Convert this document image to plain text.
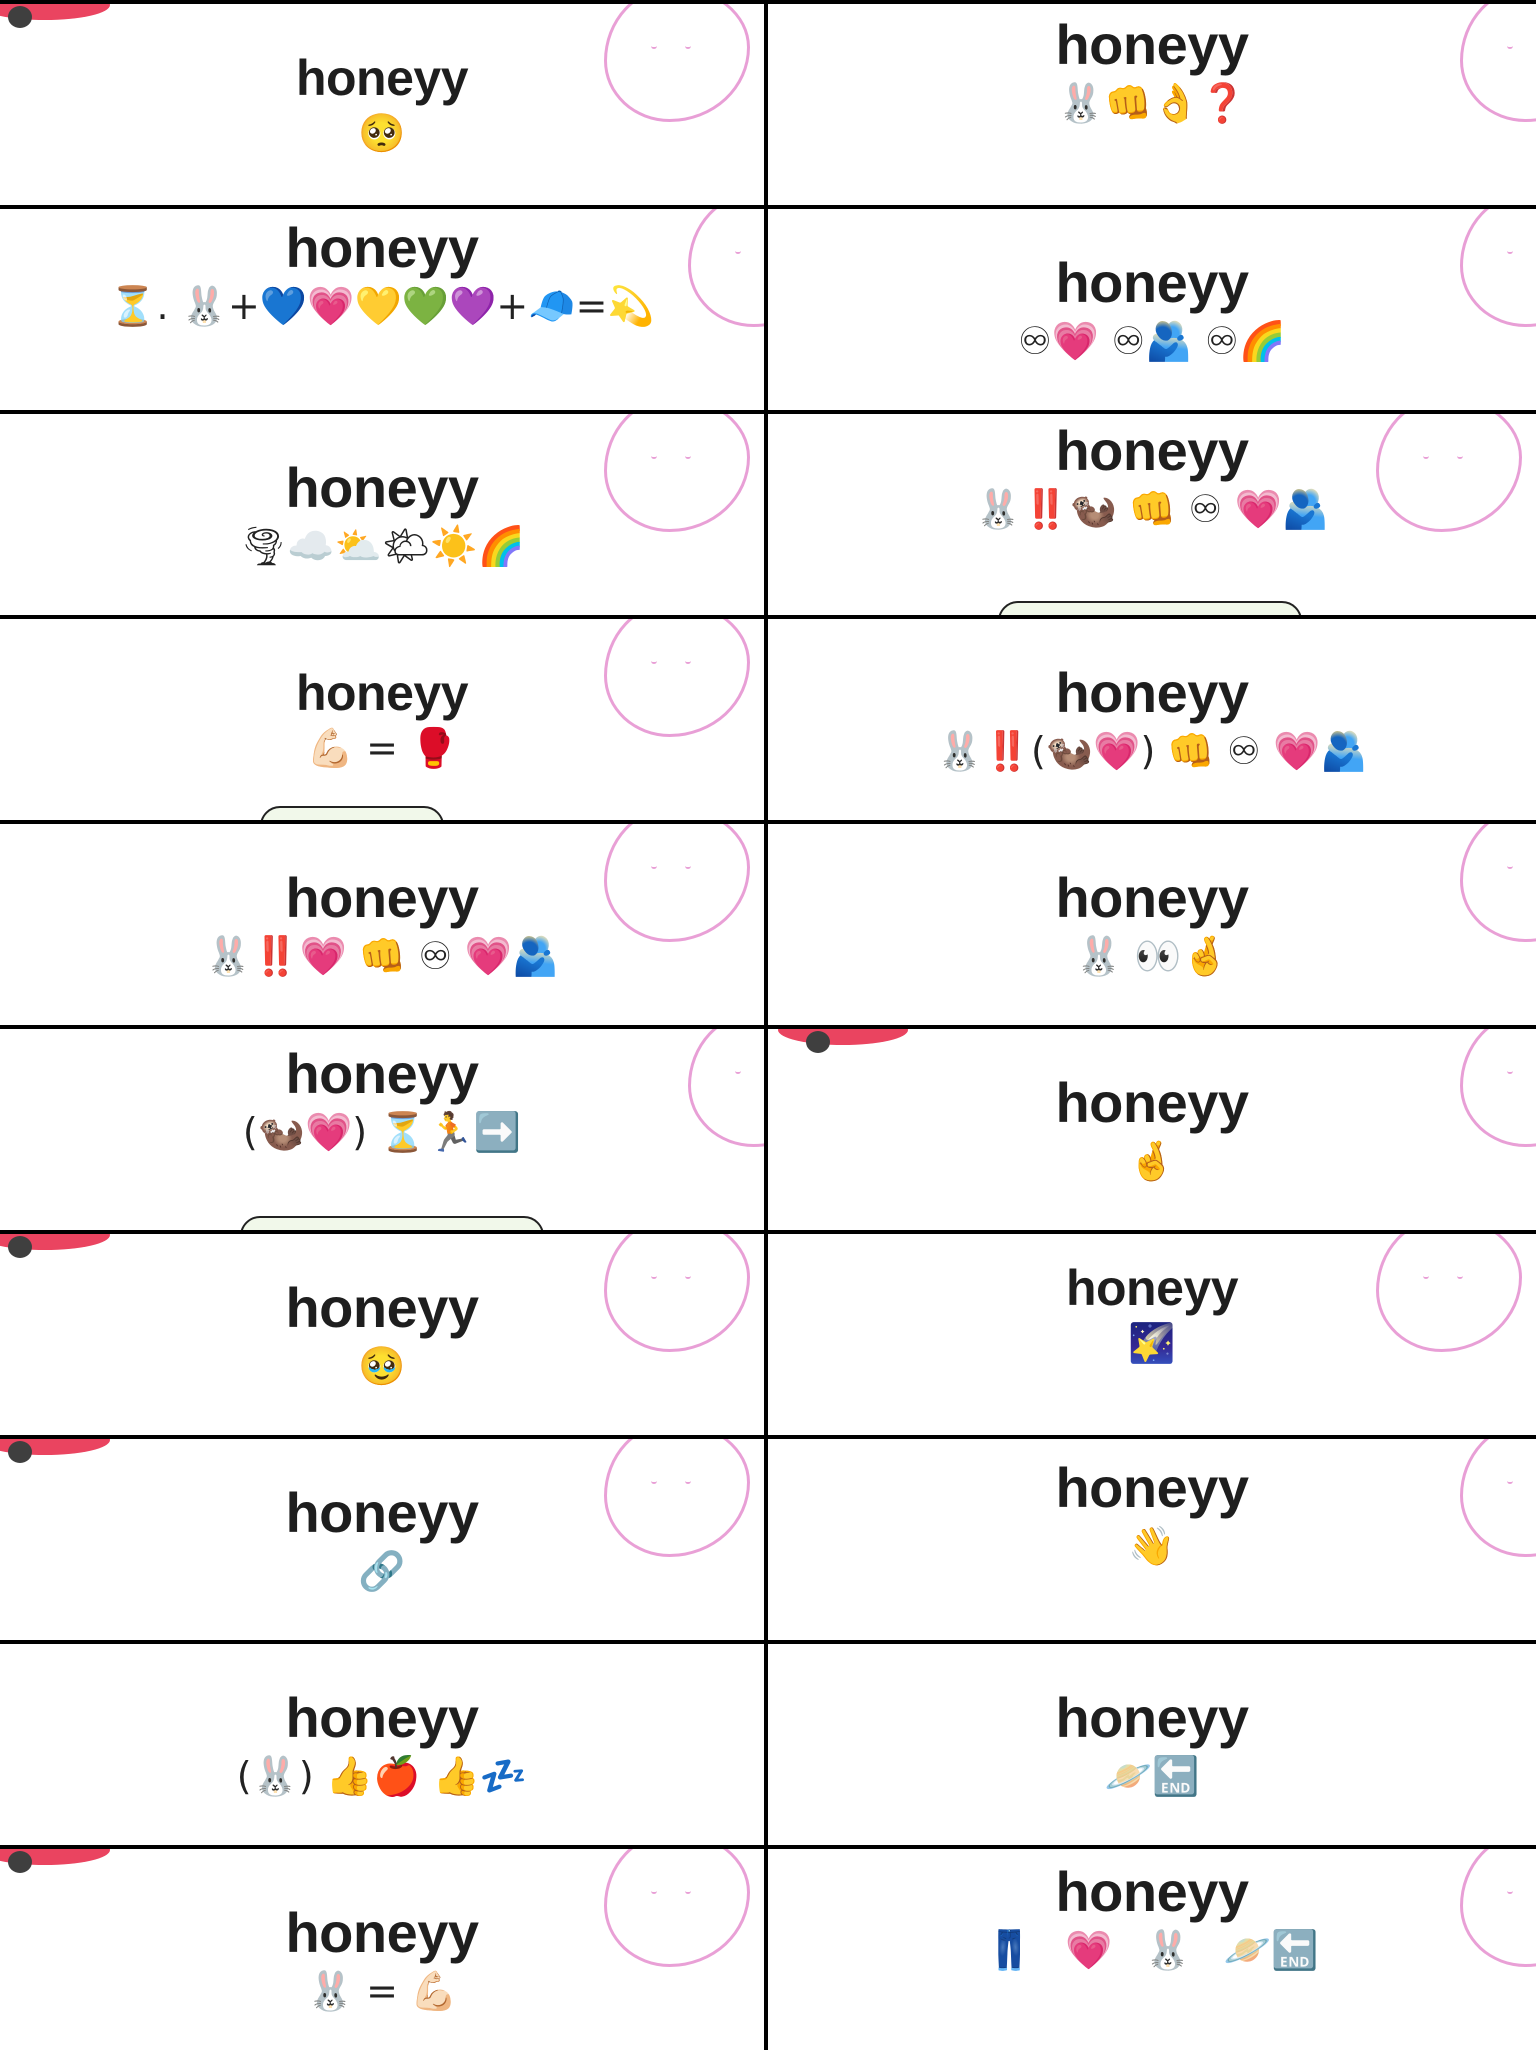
honeyy
🥺
honeyy
🐰👊👌❓
honeyy
⏳. 🐰+💙💗💛💚💜+🧢=💫	honeyy
♾💗 ♾🫂 ♾🌈
honeyy
🌪☁️⛅️🌤☀️🌈
honeyy
🐰‼️🦦 👊 ♾ 💗🫂
honeyy
💪🏻 = 🥊
honeyy
🐰‼️(🦦💗) 👊 ♾ 💗🫂
honeyy
🐰‼️💗 👊 ♾ 💗🫂
honeyy
🐰 👀🤞
honeyy
(🦦💗) ⏳🏃➡️	honeyy
🤞
honeyy
🥹
honeyy
🌠
honeyy
🔗
honeyy
👋
honeyy
(🐰) 👍🍎 👍💤
honeyy
🪐🔚
honeyy
🐰 = 💪🏻
honeyy
👖 💗 🐰 🪐🔚
